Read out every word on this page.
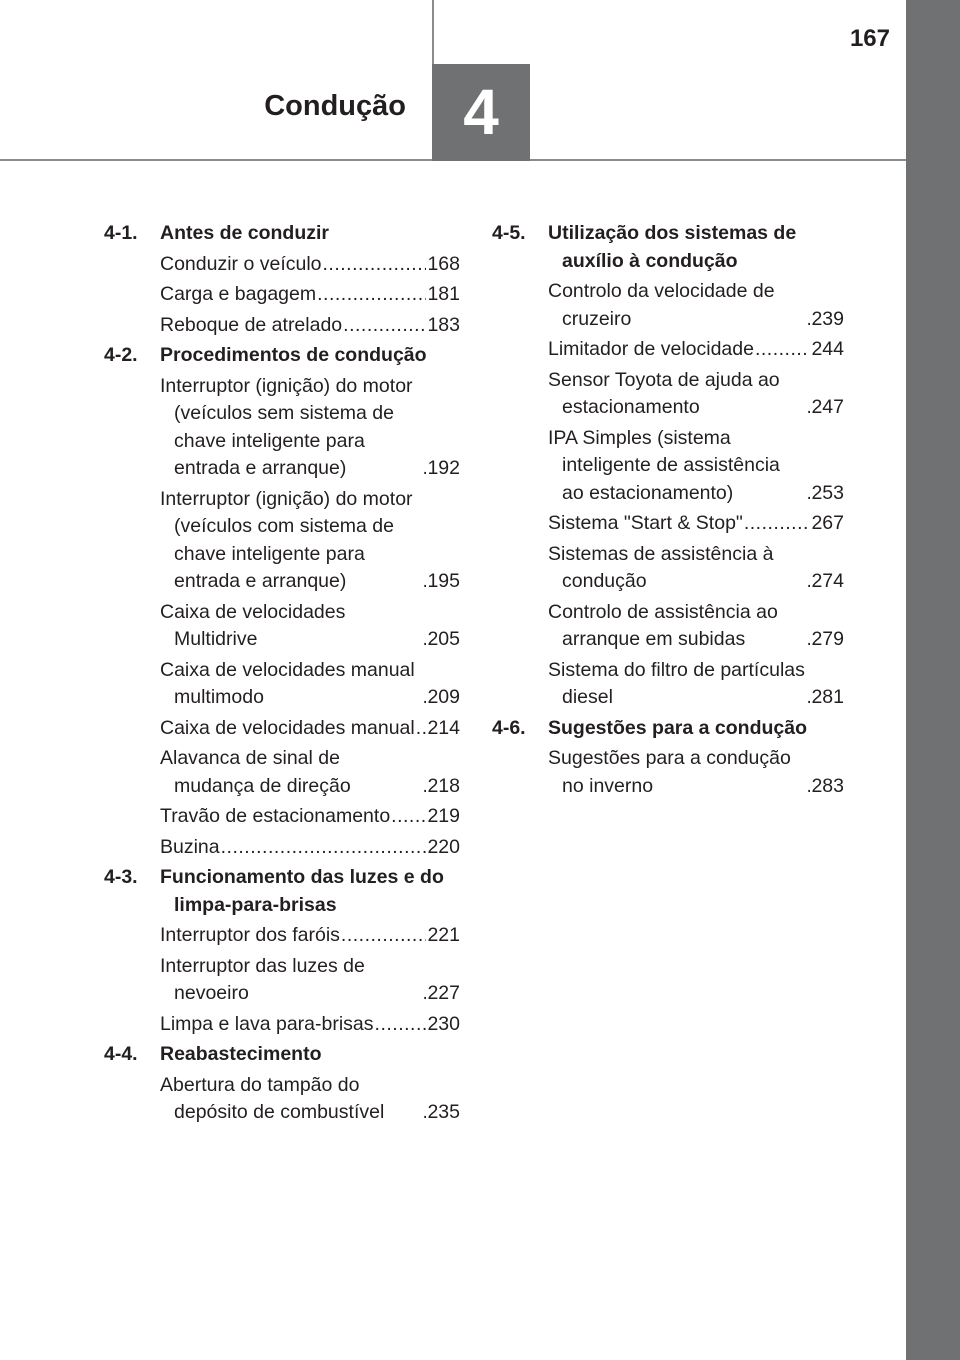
167
Condução 4
4-1.	Antes de conduzir
Conduzir o veículo .....	168
Carga e bagagem .....	181
Reboque de atrelado .....	183
4-2.	Procedimentos de condução
Interruptor (ignição) do motor (veículos sem sistema de chave inteligente para entrada e arranque) .....	192
Interruptor (ignição) do motor (veículos com sistema de chave inteligente para entrada e arranque) .....	195
Caixa de velocidades Multidrive .....	205
Caixa de velocidades manual multimodo .....	209
Caixa de velocidades manual ..... 214
Alavanca de sinal de mudança de direção .....	218
Travão de estacionamento ..... 219
Buzina .....	220
4-3.	Funcionamento das luzes e do limpa-para-brisas
Interruptor dos faróis .....	221
Interruptor das luzes de nevoeiro .....	227
Limpa e lava para-brisas .....	230
4-4.	Reabastecimento
Abertura do tampão do depósito de combustível .....	235
4-5.	Utilização dos sistemas de auxílio à condução
Controlo da velocidade de cruzeiro .....	239
Limitador de velocidade .....	244
Sensor Toyota de ajuda ao estacionamento .....	247
IPA Simples (sistema inteligente de assistência ao estacionamento) .....	253
Sistema "Start & Stop" .....	267
Sistemas de assistência à condução .....	274
Controlo de assistência ao arranque em subidas .....	279
Sistema do filtro de partículas diesel .....	281
4-6.	Sugestões para a condução
Sugestões para a condução no inverno .....	283
